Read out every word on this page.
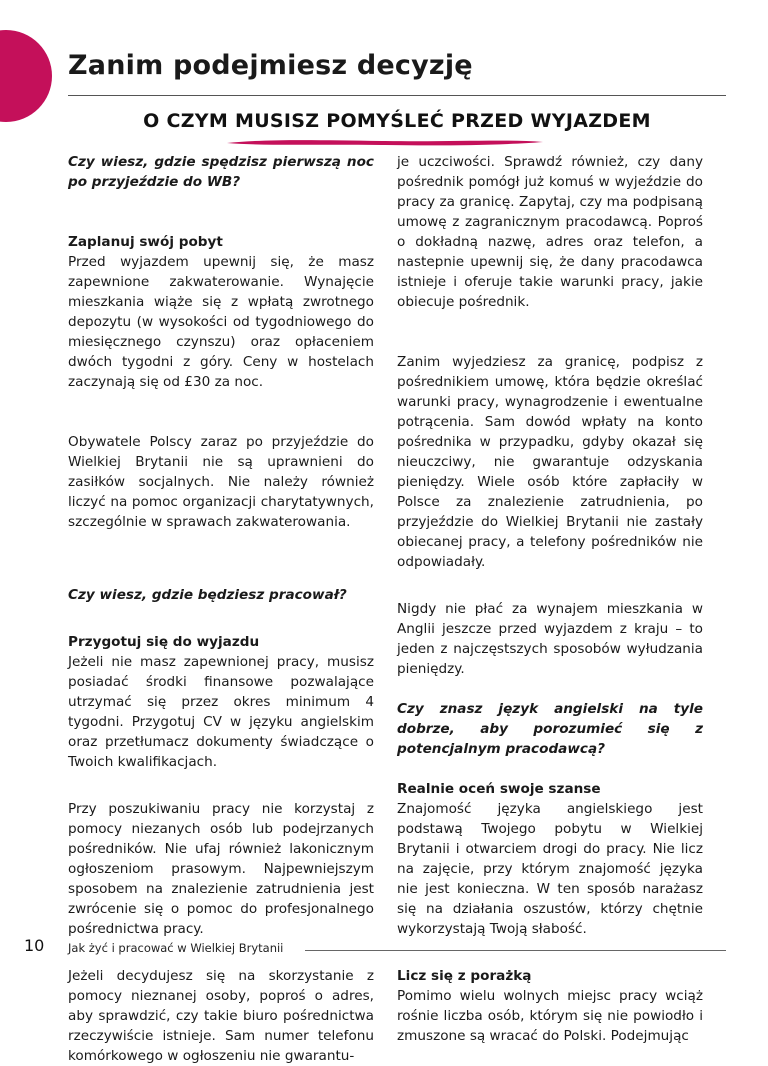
Zanim podejmiesz decyzję
O CZYM MUSISZ POMYŚLEĆ PRZED WYJAZDEM

Czy wiesz, gdzie spędzisz pierwszą noc po przyjeździe do WB?

Zaplanuj swój pobyt

Przed wyjazdem upewnij się, że masz zapewnione zakwaterowanie. Wynajęcie mieszkania wiąże się z wpłatą zwrotnego depozytu (w wysokości od tygodniowego do miesięcznego czynszu) oraz opłaceniem dwóch tygodni z góry. Ceny w hostelach zaczynają się od £30 za noc.

Obywatele Polscy zaraz po przyjeździe do Wielkiej Brytanii nie są uprawnieni do zasiłków socjalnych. Nie należy również liczyć na pomoc organizacji charytatywnych, szczególnie w sprawach zakwaterowania.

Czy wiesz, gdzie będziesz pracował?

Przygotuj się do wyjazdu

Jeżeli nie masz zapewnionej pracy, musisz posiadać środki finansowe pozwalające utrzymać się przez okres minimum 4 tygodni. Przygotuj CV w języku angielskim oraz przetłumacz dokumenty świadczące o Twoich kwalifikacjach.

Przy poszukiwaniu pracy nie korzystaj z pomocy niezanych osób lub podejrzanych pośredników. Nie ufaj również lakonicznym ogłoszeniom prasowym. Najpewniejszym sposobem na znalezienie zatrudnienia jest zwrócenie się o pomoc do profesjonalnego pośrednictwa pracy.

Jeżeli decydujesz się na skorzystanie z pomocy nieznanej osoby, poproś o adres, aby sprawdzić, czy takie biuro pośrednictwa rzeczywiście istnieje. Sam numer telefonu komórkowego w ogłoszeniu nie gwarantu-

je uczciwości. Sprawdź również, czy dany pośrednik pomógł już komuś w wyjeździe do pracy za granicę. Zapytaj, czy ma podpisaną umowę z zagranicznym pracodawcą. Poproś o dokładną nazwę, adres oraz telefon, a nastepnie upewnij się, że dany pracodawca istnieje i oferuje takie warunki pracy, jakie obiecuje pośrednik.

Zanim wyjedziesz za granicę, podpisz z pośrednikiem umowę, która będzie określać warunki pracy, wynagrodzenie i ewentualne potrącenia. Sam dowód wpłaty na konto pośrednika w przypadku, gdyby okazał się nieuczciwy, nie gwarantuje odzyskania pieniędzy. Wiele osób które zapłaciły w Polsce za znalezienie zatrudnienia, po przyjeździe do Wielkiej Brytanii nie zastały obiecanej pracy, a telefony pośredników nie odpowiadały.

Nigdy nie płać za wynajem mieszkania w Anglii jeszcze przed wyjazdem z kraju – to jeden z najczęstszych sposobów wyłudzania pieniędzy.

Czy znasz język angielski na tyle dobrze, aby porozumieć się z potencjalnym pracodawcą?

Realnie oceń swoje szanse

Znajomość języka angielskiego jest podstawą Twojego pobytu w Wielkiej Brytanii i otwarciem drogi do pracy. Nie licz na zajęcie, przy którym znajomość języka nie jest konieczna. W ten sposób narażasz się na działania oszustów, którzy chętnie wykorzystają Twoją słabość.

Licz się z porażką

Pomimo wielu wolnych miejsc pracy wciąż rośnie liczba osób, którym się nie powiodło i zmuszone są wracać do Polski. Podejmując

10 Jak żyć i pracować w Wielkiej Brytanii
